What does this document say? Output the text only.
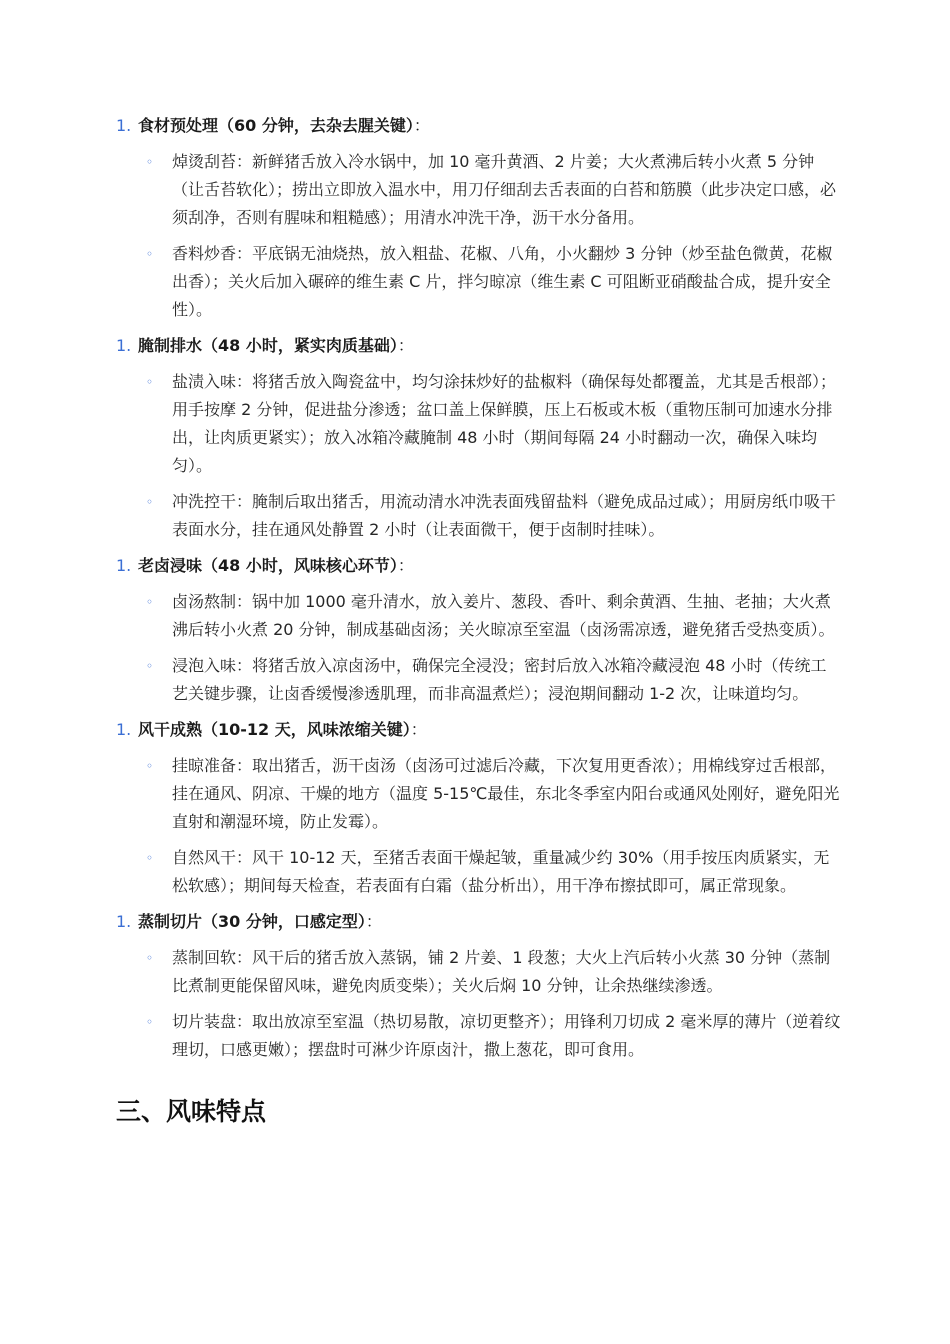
1. 食材预处理（60 分钟，去杂去腥关键）：

◦ 焯烫刮苔：新鲜猪舌放入冷水锅中，加 10 毫升黄酒、2 片姜；大火煮沸后转小火煮 5 分钟（让舌苔软化）；捞出立即放入温水中，用刀仔细刮去舌表面的白苔和筋膜（此步决定口感，必须刮净，否则有腥味和粗糙感）；用清水冲洗干净，沥干水分备用。
◦ 香料炒香：平底锅无油烧热，放入粗盐、花椒、八角，小火翻炒 3 分钟（炒至盐色微黄，花椒出香）；关火后加入碾碎的维生素 C 片，拌匀晾凉（维生素 C 可阻断亚硝酸盐合成，提升安全性）。

1. 腌制排水（48 小时，紧实肉质基础）：

◦ 盐渍入味：将猪舌放入陶瓷盆中，均匀涂抹炒好的盐椒料（确保每处都覆盖，尤其是舌根部）；用手按摩 2 分钟，促进盐分渗透；盆口盖上保鲜膜，压上石板或木板（重物压制可加速水分排出，让肉质更紧实）；放入冰箱冷藏腌制 48 小时（期间每隔 24 小时翻动一次，确保入味均匀）。
◦ 冲洗控干：腌制后取出猪舌，用流动清水冲洗表面残留盐料（避免成品过咸）；用厨房纸巾吸干表面水分，挂在通风处静置 2 小时（让表面微干，便于卤制时挂味）。

1. 老卤浸味（48 小时，风味核心环节）：

◦ 卤汤熬制：锅中加 1000 毫升清水，放入姜片、葱段、香叶、剩余黄酒、生抽、老抽；大火煮沸后转小火煮 20 分钟，制成基础卤汤；关火晾凉至室温（卤汤需凉透，避免猪舌受热变质）。
◦ 浸泡入味：将猪舌放入凉卤汤中，确保完全浸没；密封后放入冰箱冷藏浸泡 48 小时（传统工艺关键步骤，让卤香缓慢渗透肌理，而非高温煮烂）；浸泡期间翻动 1-2 次，让味道均匀。

1. 风干成熟（10-12 天，风味浓缩关键）：

◦ 挂晾准备：取出猪舌，沥干卤汤（卤汤可过滤后冷藏，下次复用更香浓）；用棉线穿过舌根部，挂在通风、阴凉、干燥的地方（温度 5-15℃最佳，东北冬季室内阳台或通风处刚好，避免阳光直射和潮湿环境，防止发霉）。
◦ 自然风干：风干 10-12 天，至猪舌表面干燥起皱，重量减少约 30%（用手按压肉质紧实，无松软感）；期间每天检查，若表面有白霜（盐分析出），用干净布擦拭即可，属正常现象。

1. 蒸制切片（30 分钟，口感定型）：

◦ 蒸制回软：风干后的猪舌放入蒸锅，铺 2 片姜、1 段葱；大火上汽后转小火蒸 30 分钟（蒸制比煮制更能保留风味，避免肉质变柴）；关火后焖 10 分钟，让余热继续渗透。
◦ 切片装盘：取出放凉至室温（热切易散，凉切更整齐）；用锋利刀切成 2 毫米厚的薄片（逆着纹理切，口感更嫩）；摆盘时可淋少许原卤汁，撒上葱花，即可食用。
三、风味特点
